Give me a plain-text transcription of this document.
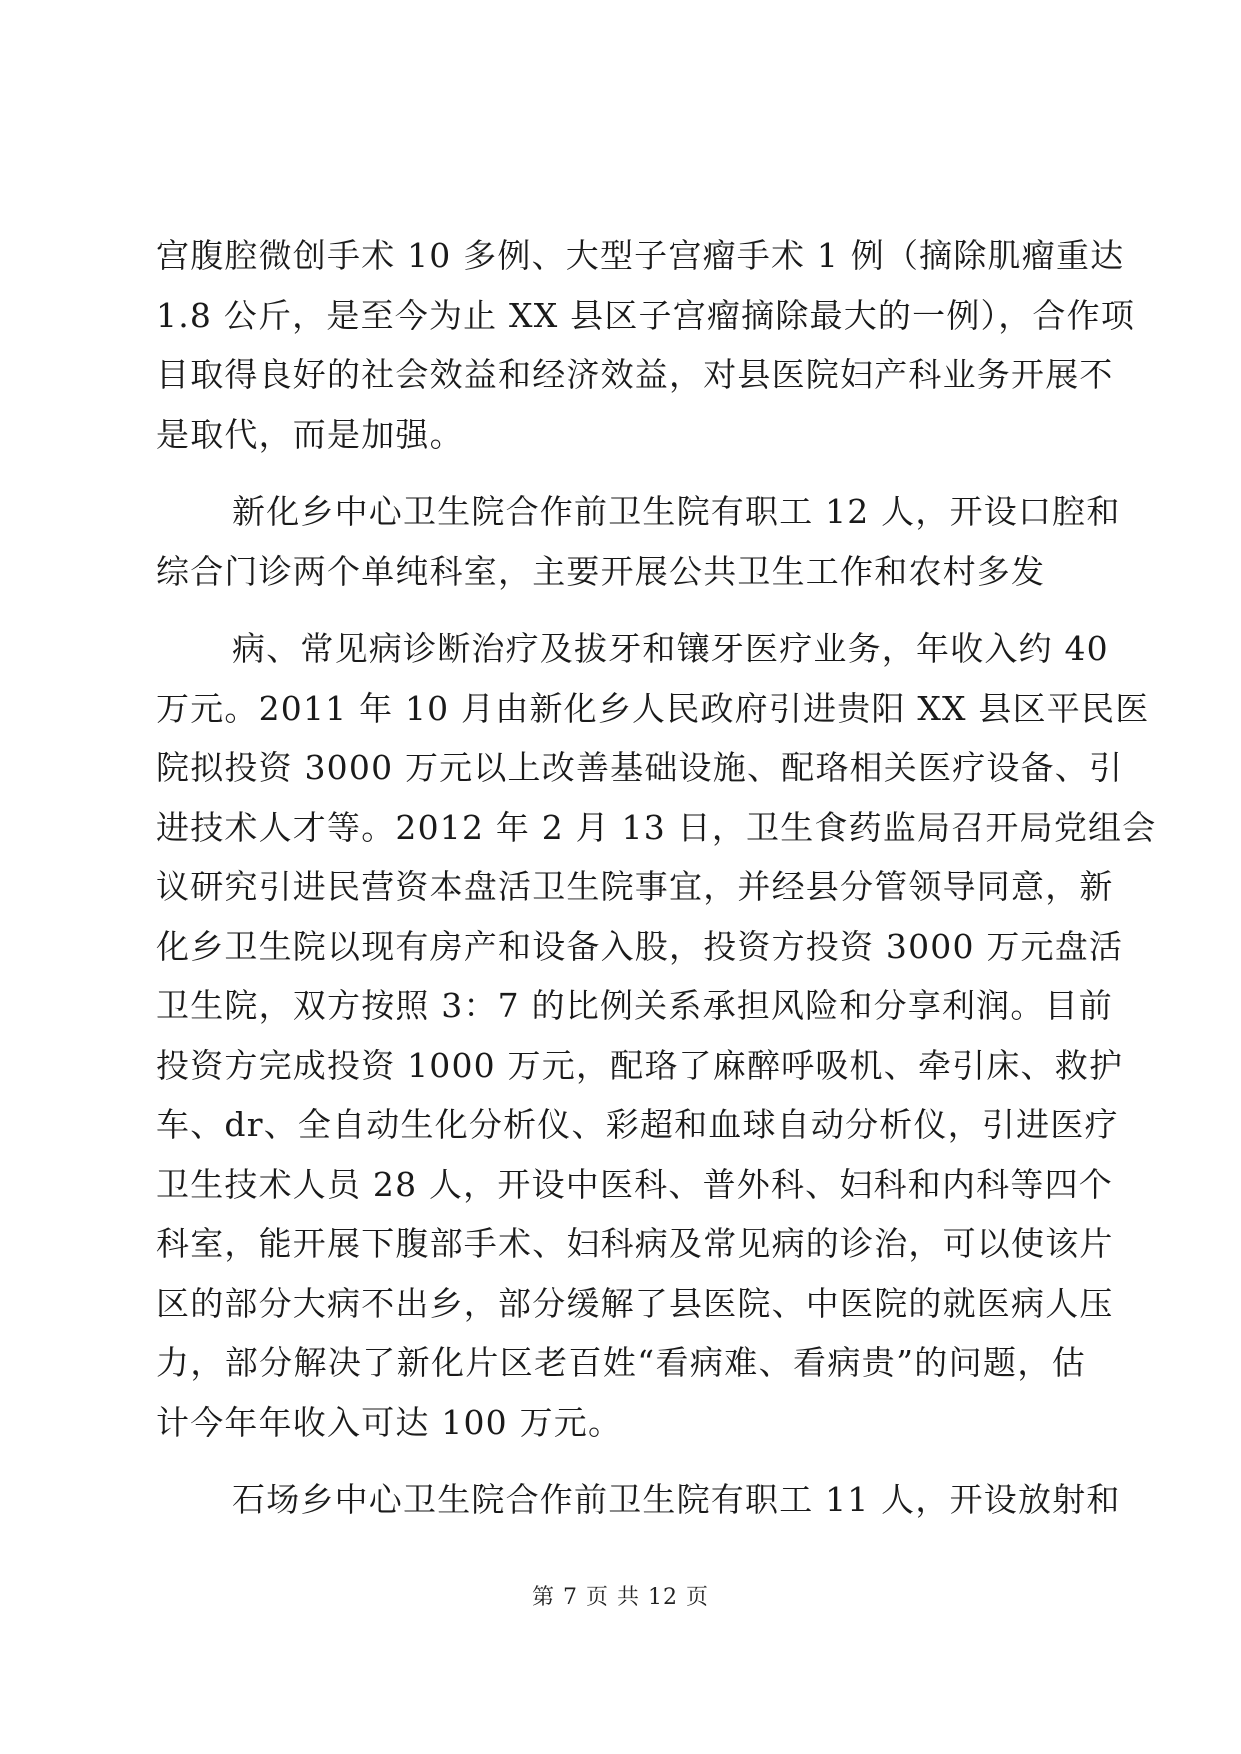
宫腹腔微创手术 10 多例、大型子宫瘤手术 1 例（摘除肌瘤重达
1.8 公斤，是至今为止 XX 县区子宫瘤摘除最大的一例），合作项
目取得良好的社会效益和经济效益，对县医院妇产科业务开展不
是取代，而是加强。

新化乡中心卫生院合作前卫生院有职工 12 人，开设口腔和
综合门诊两个单纯科室，主要开展公共卫生工作和农村多发

病、常见病诊断治疗及拔牙和镶牙医疗业务，年收入约 40
万元。2011 年 10 月由新化乡人民政府引进贵阳 XX 县区平民医
院拟投资 3000 万元以上改善基础设施、配珞相关医疗设备、引
进技术人才等。2012 年 2 月 13 日，卫生食药监局召开局党组会
议研究引进民营资本盘活卫生院事宜，并经县分管领导同意，新
化乡卫生院以现有房产和设备入股，投资方投资 3000 万元盘活
卫生院，双方按照 3：7 的比例关系承担风险和分享利润。目前
投资方完成投资 1000 万元，配珞了麻醉呼吸机、牵引床、救护
车、dr、全自动生化分析仪、彩超和血球自动分析仪，引进医疗
卫生技术人员 28 人，开设中医科、普外科、妇科和内科等四个
科室，能开展下腹部手术、妇科病及常见病的诊治，可以使该片
区的部分大病不出乡，部分缓解了县医院、中医院的就医病人压
力，部分解决了新化片区老百姓“看病难、看病贵”的问题，估
计今年年收入可达 100 万元。

石场乡中心卫生院合作前卫生院有职工 11 人，开设放射和

第 7 页 共 12 页
